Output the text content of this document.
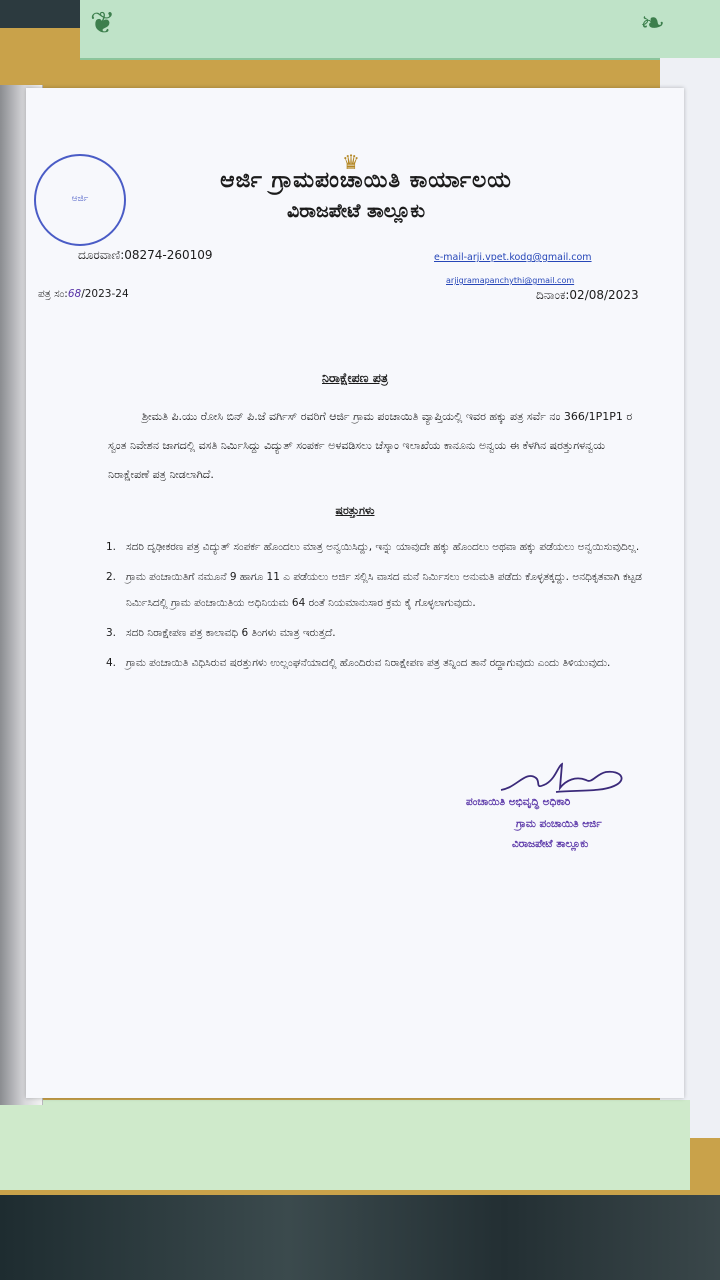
❦	❧
♛
ಆರ್ಜಿ
ಆರ್ಜಿ ಗ್ರಾಮಪಂಚಾಯಿತಿ ಕಾರ್ಯಾಲಯ
ವಿರಾಜಪೇಟೆ ತಾಲ್ಲೂಕು
ದೂರವಾಣಿ:08274-260109	e-mail-arji.vpet.kodg@gmail.com
arjigramapanchythi@gmail.com
ಪತ್ರ ಸಂ:68/2023-24	ದಿನಾಂಕ:02/08/2023
ನಿರಾಕ್ಷೇಪಣ ಪತ್ರ
ಶ್ರೀಮತಿ ಪಿ.ಯು ರೋಸಿ ಬಿನ್ ಪಿ.ಜೆ ವರ್ಗಿಸ್ ರವರಿಗೆ ಆರ್ಜಿ ಗ್ರಾಮ ಪಂಚಾಯಿತಿ ವ್ಯಾಪ್ತಿಯಲ್ಲಿ ಇವರ ಹಕ್ಕು ಪತ್ರ ಸರ್ವೆ ನಂ 366/1P1P1 ರ ಸ್ವಂತ ನಿವೇಶನ ಜಾಗದಲ್ಲಿ ವಸತಿ ನಿರ್ಮಿಸಿದ್ದು ವಿದ್ಯುತ್ ಸಂಪರ್ಕ ಅಳವಡಿಸಲು ಚೆಸ್ಕಾಂ ಇಲಾಖೆಯ ಕಾನೂನು ಅನ್ವಯ ಈ ಕೆಳಗಿನ ಷರತ್ತುಗಳನ್ವಯ ನಿರಾಕ್ಷೇಪಣೆ ಪತ್ರ ನೀಡಲಾಗಿದೆ.
ಷರತ್ತುಗಳು
1. ಸದರಿ ದೃಢೀಕರಣ ಪತ್ರ ವಿದ್ಯುತ್ ಸಂಪರ್ಕ ಹೊಂದಲು ಮಾತ್ರ ಅನ್ವಯಿಸಿದ್ದು, ಇನ್ನು ಯಾವುದೇ ಹಕ್ಕು ಹೊಂದಲು ಅಥವಾ ಹಕ್ಕು ಪಡೆಯಲು ಅನ್ವಯಿಸುವುದಿಲ್ಲ.
2. ಗ್ರಾಮ ಪಂಚಾಯಿತಿಗೆ ನಮೂನೆ 9 ಹಾಗೂ 11 ಎ ಪಡೆಯಲು ಅರ್ಜಿ ಸಲ್ಲಿಸಿ ವಾಸದ ಮನೆ ನಿರ್ಮಿಸಲು ಅನುಮತಿ ಪಡೆದು ಕೊಳ್ಳತಕ್ಕದ್ದು. ಅನಧಿಕೃತವಾಗಿ ಕಟ್ಟಡ ನಿರ್ಮಿಸಿದಲ್ಲಿ ಗ್ರಾಮ ಪಂಚಾಯಿತಿಯ ಅಧಿನಿಯಮ 64 ರಂತೆ ನಿಯಮಾನುಸಾರ ಕ್ರಮ ಕೈ ಗೊಳ್ಳಲಾಗುವುದು.
3. ಸದರಿ ನಿರಾಕ್ಷೇಪಣ ಪತ್ರ ಕಾಲಾವಧಿ 6 ತಿಂಗಳು ಮಾತ್ರ ಇರುತ್ತದೆ.
4. ಗ್ರಾಮ ಪಂಚಾಯಿತಿ ವಿಧಿಸಿರುವ ಷರತ್ತುಗಳು ಉಲ್ಲಂಘನೆಯಾದಲ್ಲಿ ಹೊಂದಿರುವ ನಿರಾಕ್ಷೇಪಣ ಪತ್ರ ತನ್ನಿಂದ ತಾನೆ ರದ್ದಾಗುವುದು ಎಂದು ತಿಳಿಯುವುದು.
ಪಂಚಾಯಿತಿ ಅಭಿವೃದ್ಧಿ ಅಧಿಕಾರಿ
ಗ್ರಾಮ ಪಂಚಾಯಿತಿ ಆರ್ಜಿ
ವಿರಾಜಪೇಟೆ ತಾಲ್ಲೂಕು
